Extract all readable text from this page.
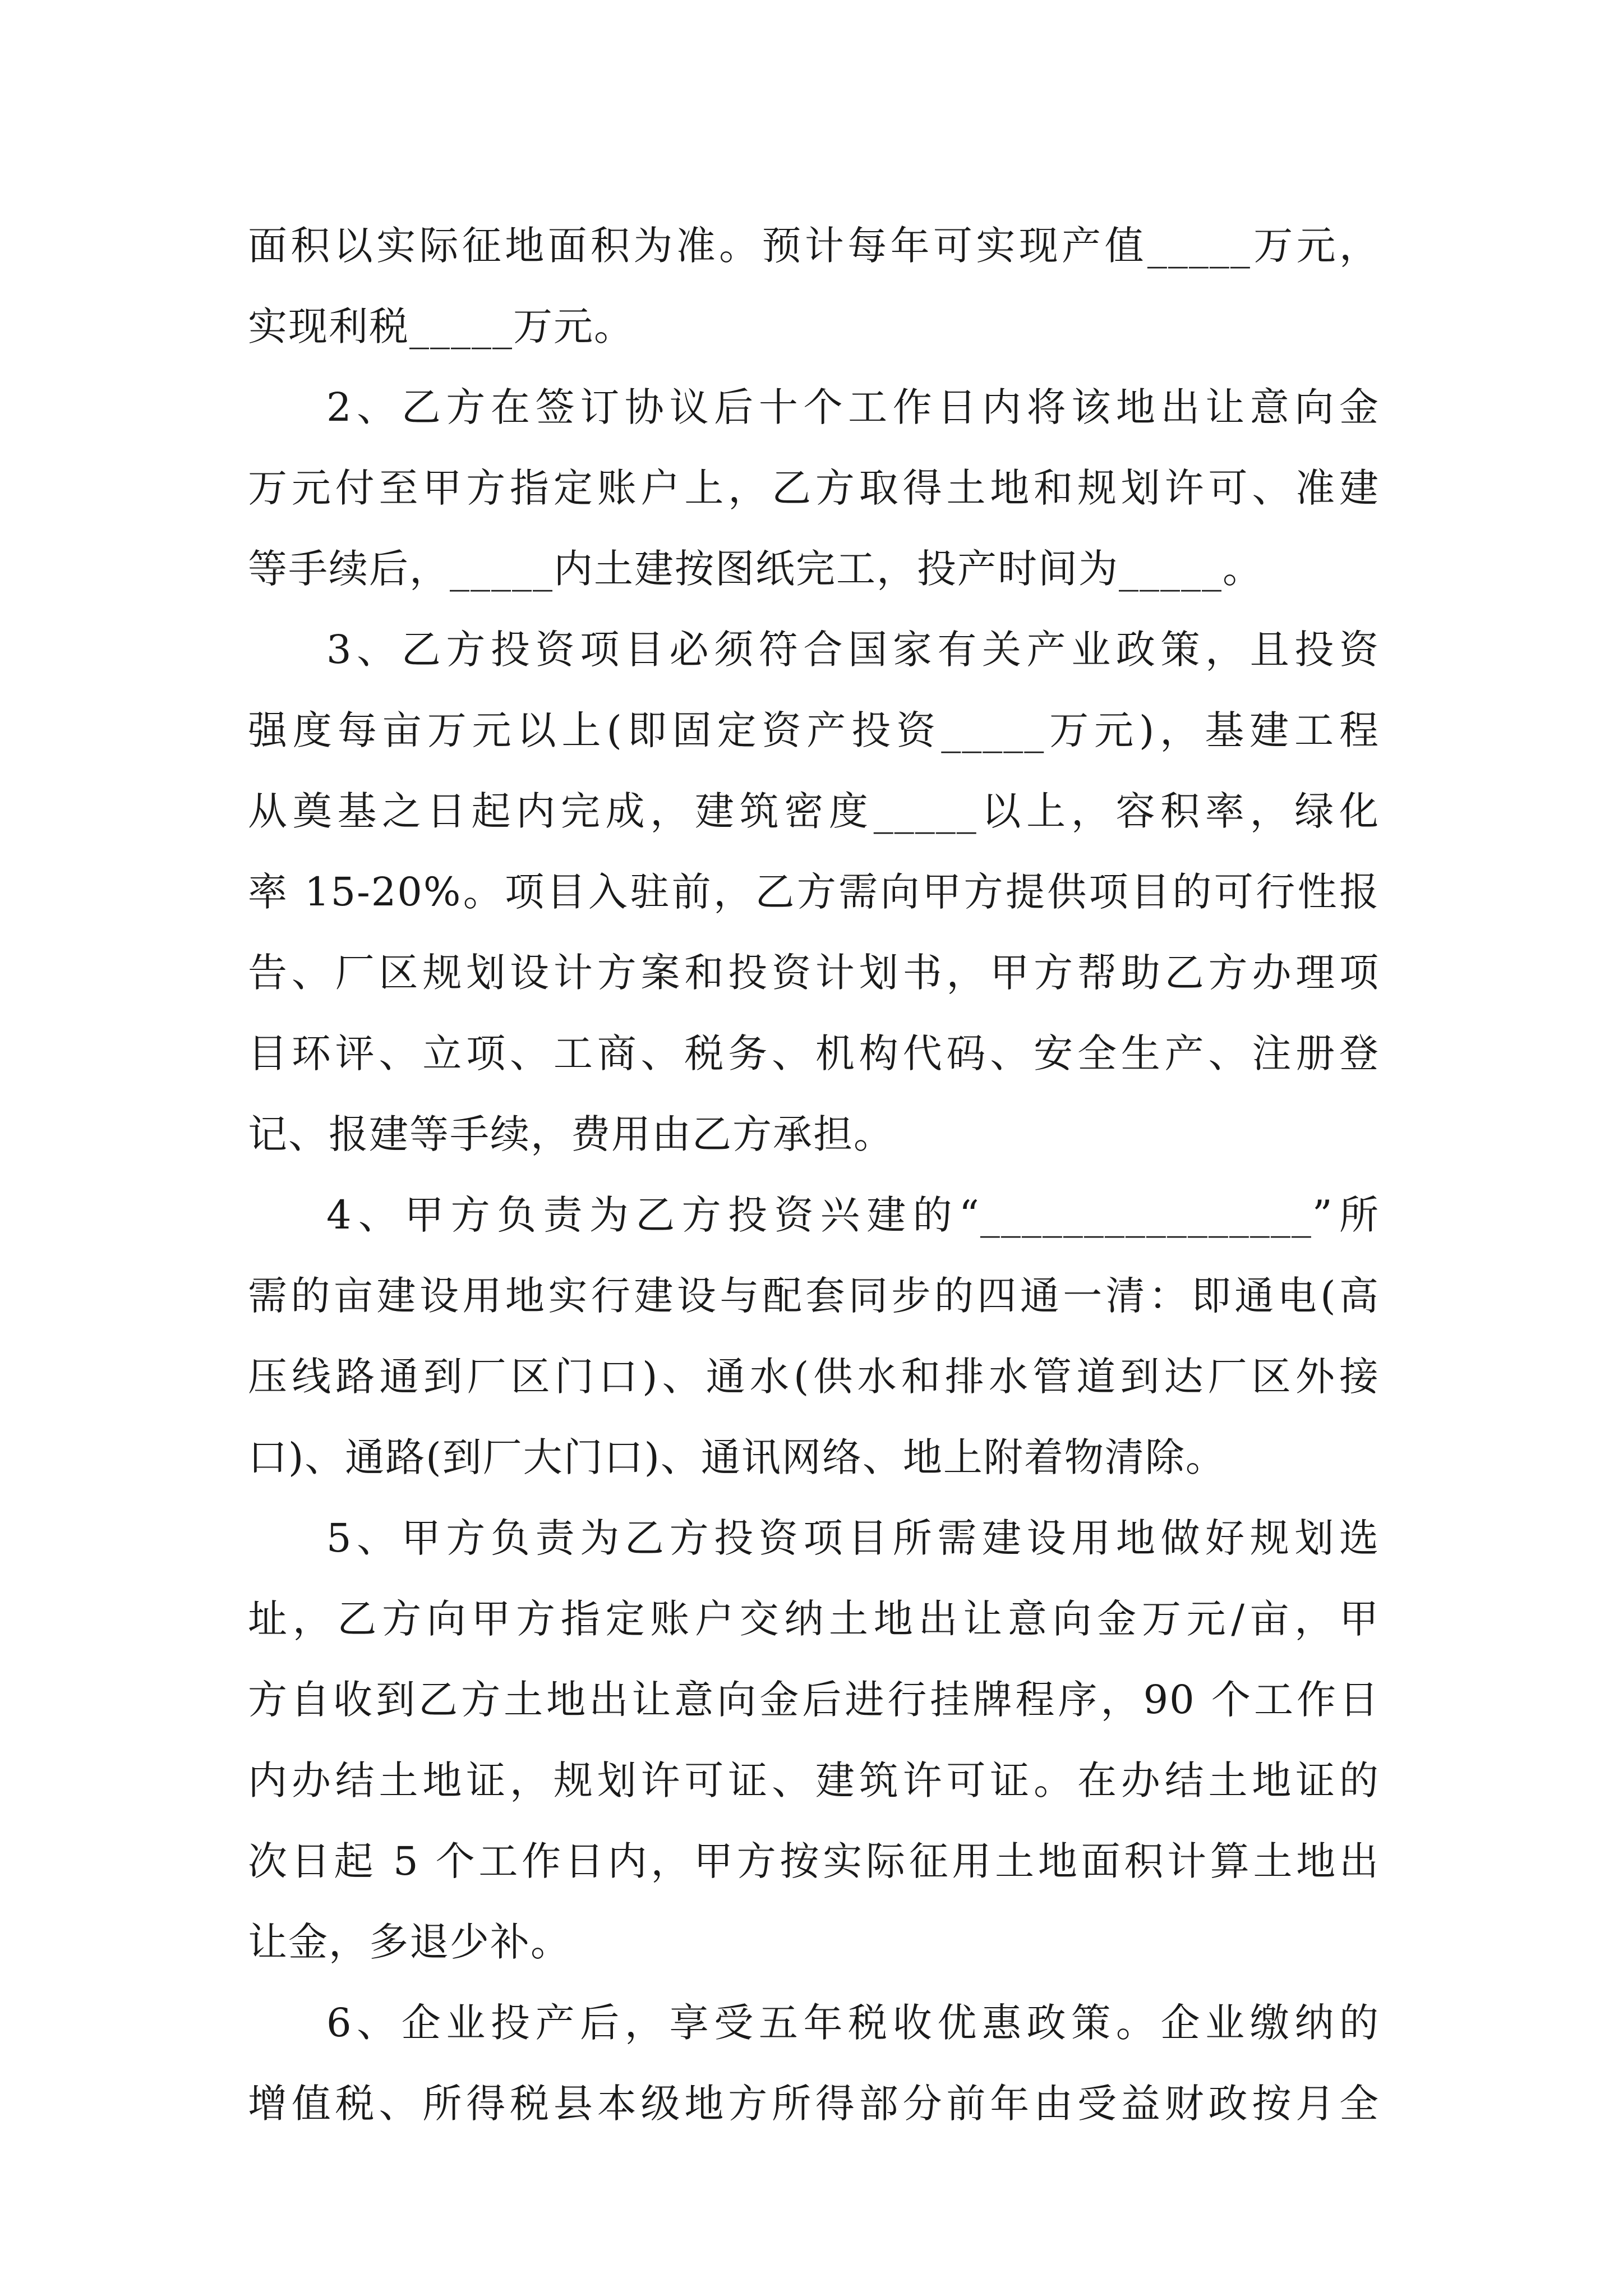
面积以实际征地面积为准。预计每年可实现产值_____万元，
实现利税_____万元。
2、乙方在签订协议后十个工作日内将该地出让意向金
万元付至甲方指定账户上，乙方取得土地和规划许可、准建
等手续后，_____内土建按图纸完工，投产时间为_____。
3、乙方投资项目必须符合国家有关产业政策，且投资
强度每亩万元以上(即固定资产投资_____万元)，基建工程
从奠基之日起内完成，建筑密度_____以上，容积率，绿化
率 15-20%。项目入驻前，乙方需向甲方提供项目的可行性报
告、厂区规划设计方案和投资计划书，甲方帮助乙方办理项
目环评、立项、工商、税务、机构代码、安全生产、注册登
记、报建等手续，费用由乙方承担。
4、甲方负责为乙方投资兴建的“________________”所
需的亩建设用地实行建设与配套同步的四通一清：即通电(高
压线路通到厂区门口)、通水(供水和排水管道到达厂区外接
口)、通路(到厂大门口)、通讯网络、地上附着物清除。
5、甲方负责为乙方投资项目所需建设用地做好规划选
址，乙方向甲方指定账户交纳土地出让意向金万元/亩，甲
方自收到乙方土地出让意向金后进行挂牌程序，90 个工作日
内办结土地证，规划许可证、建筑许可证。在办结土地证的
次日起 5 个工作日内，甲方按实际征用土地面积计算土地出
让金，多退少补。
6、企业投产后，享受五年税收优惠政策。企业缴纳的
增值税、所得税县本级地方所得部分前年由受益财政按月全
